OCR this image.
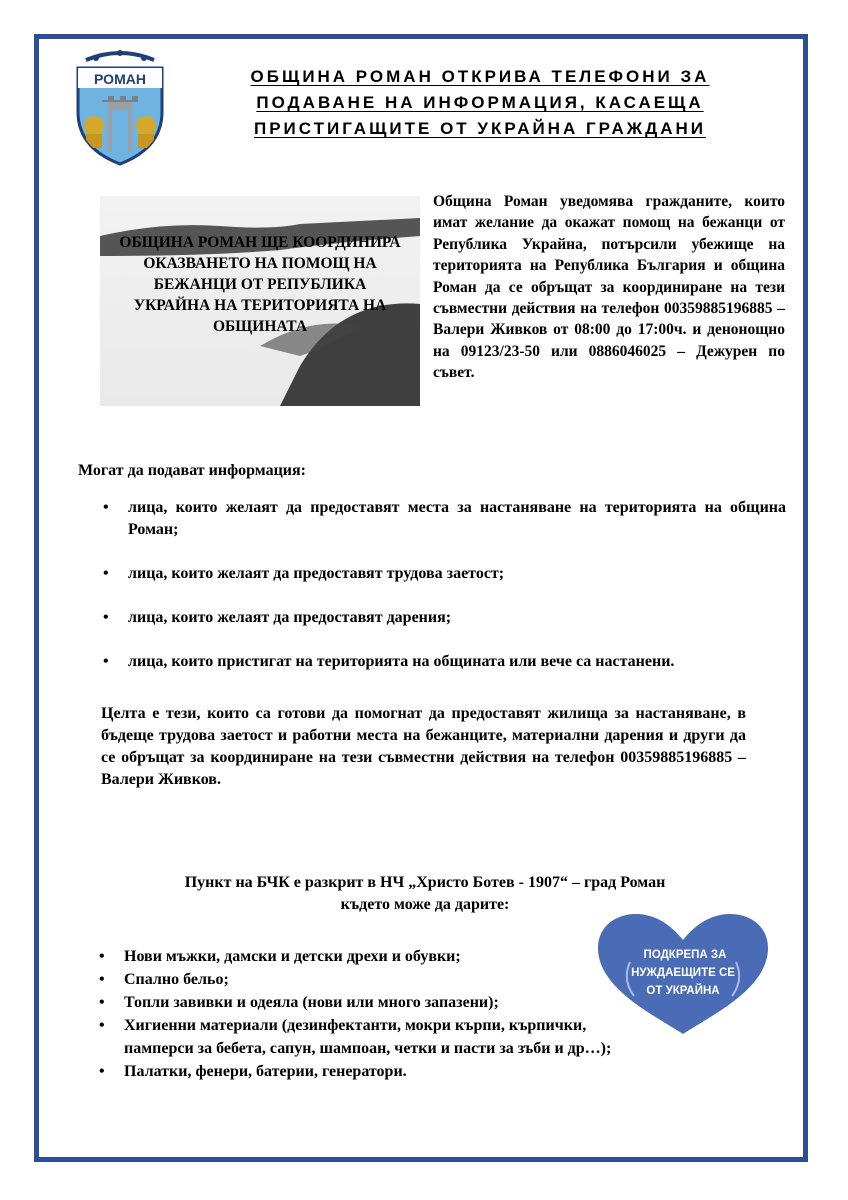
РОМАН	ОБЩИНА РОМАН ОТКРИВА ТЕЛЕФОНИ ЗА
ПОДАВАНЕ НА ИНФОРМАЦИЯ, КАСАЕЩА
ПРИСТИГАЩИТЕ ОТ УКРАЙНА ГРАЖДАНИ
ОБЩИНА РОМАН ЩЕ КООРДИНИРА ОКАЗВАНЕТО НА ПОМОЩ НА БЕЖАНЦИ ОТ РЕПУБЛИКА УКРАЙНА НА ТЕРИТОРИЯТА НА ОБЩИНАТА
Община Роман уведомява гражданите, които имат желание да окажат помощ на бежанци от Република Украйна, потърсили убежище на територията на Република България и община Роман да се обръщат за координиране на тези съвместни действия на телефон 00359885196885 – Валери Живков от 08:00 до 17:00ч. и денонощно на 09123/23-50 или 0886046025 – Дежурен по съвет.
Могат да подават информация:
• лица, които желаят да предоставят места за настаняване на територията на община Роман;
• лица, които желаят да предоставят трудова заетост;
• лица, които желаят да предоставят дарения;
• лица, които пристигат на територията на общината или вече са настанени.
Целта е тези, които са готови да помогнат да предоставят жилища за настаняване, в бъдеще трудова заетост и работни места на бежанците, материални дарения и други да се обръщат за координиране на тези съвместни действия на телефон 00359885196885 – Валери Живков.
Пункт на БЧК е разкрит в НЧ „Христо Ботев - 1907“ – град Роман
където може да дарите:
• Нови мъжки, дамски и детски дрехи и обувки;
• Спално бельо;
• Топли завивки и одеяла (нови или много запазени);
• Хигиенни материали (дезинфектанти, мокри кърпи, кърпички, памперси за бебета, сапун, шампоан, четки и пасти за зъби и др…);
• Палатки, фенери, батерии, генератори.
ПОДКРЕПА ЗА
НУЖДАЕЩИТЕ СЕ
ОТ УКРАЙНА
